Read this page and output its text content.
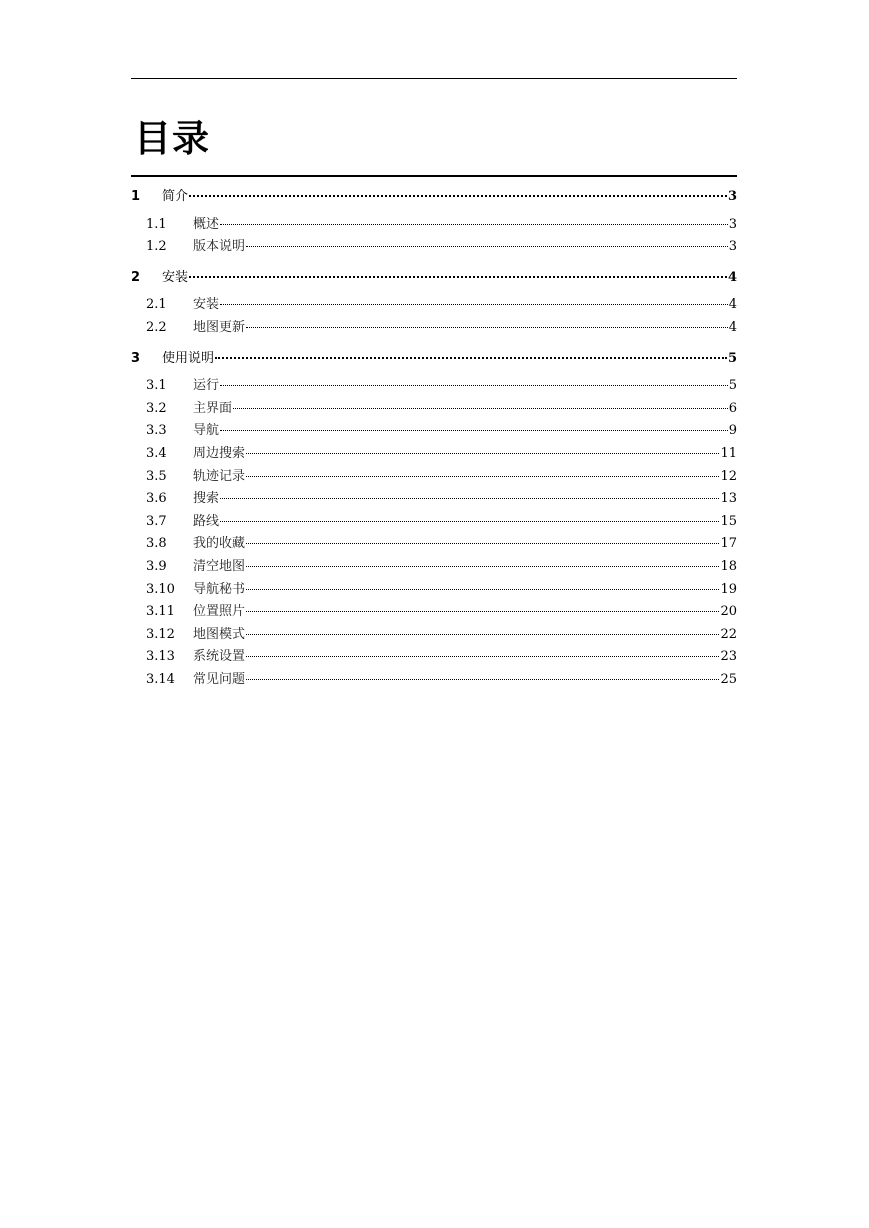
目录
1	简介	3
1.1	概述	3
1.2	版本说明	3
2	安装	4
2.1	安装	4
2.2	地图更新	4
3	使用说明	5
3.1	运行	5
3.2	主界面	6
3.3	导航	9
3.4	周边搜索	11
3.5	轨迹记录	12
3.6	搜索	13
3.7	路线	15
3.8	我的收藏	17
3.9	清空地图	18
3.10	导航秘书	19
3.11	位置照片	20
3.12	地图模式	22
3.13	系统设置	23
3.14	常见问题	25
